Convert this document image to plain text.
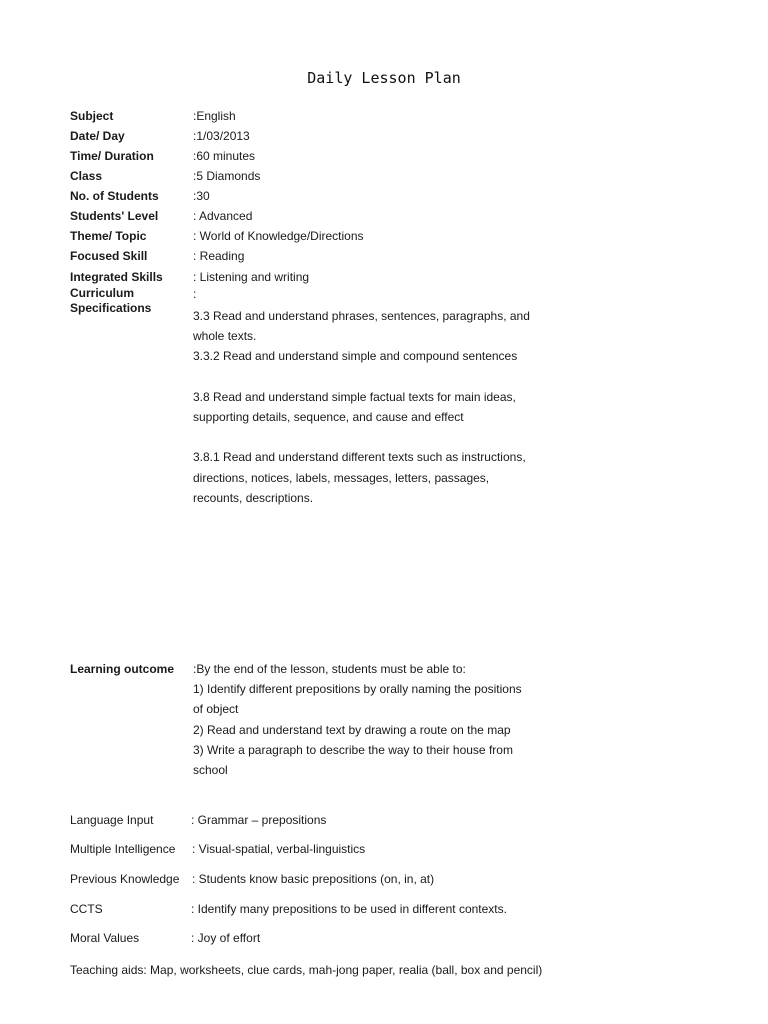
Daily Lesson Plan
Subject	:English
Date/ Day	:1/03/2013
Time/ Duration	:60 minutes
Class	:5 Diamonds
No. of Students	:30
Students' Level	: Advanced
Theme/ Topic	: World of Knowledge/Directions
Focused Skill	: Reading
Integrated Skills	: Listening and writing
Curriculum
Specifications
:
3.3 Read and understand phrases, sentences, paragraphs, and
whole texts.
3.3.2 Read and understand simple and compound sentences
3.8 Read and understand simple factual texts for main ideas,
supporting details, sequence, and cause and effect
3.8.1 Read and understand different texts such as instructions,
directions, notices, labels, messages, letters, passages,
recounts, descriptions.
Learning outcome	:By the end of the lesson, students must be able to:
1) Identify different prepositions by orally naming the positions
of object
2) Read and understand text by drawing a route on the map
3) Write a paragraph to describe the way to their house from
school
Language Input	: Grammar – prepositions
Multiple Intelligence	: Visual-spatial, verbal-linguistics
Previous Knowledge	: Students know basic prepositions (on, in, at)
CCTS	: Identify many prepositions to be used in different contexts.
Moral Values	: Joy of effort
Teaching aids: Map, worksheets, clue cards, mah-jong paper, realia (ball, box and pencil)
